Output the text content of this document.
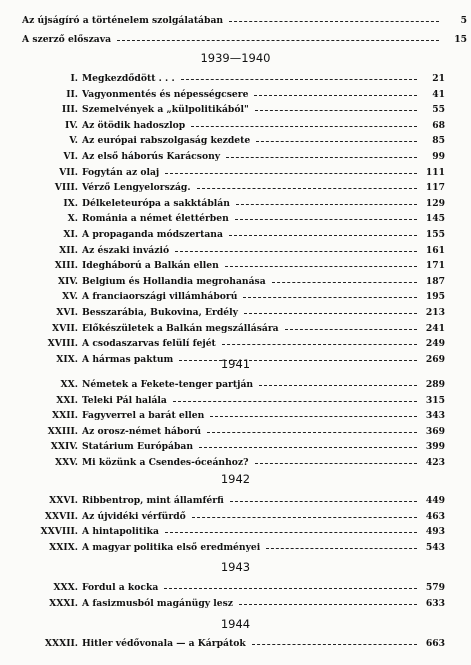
Az újságíró a történelem szolgálatában	5
A szerző előszava	15
1939—1940
I. Megkezdődött . . .	21
II. Vagyonmentés és népességcsere	41
III. Szemelvények a „külpolitikából"	55
IV. Az ötödik hadoszlop	68
V. Az európai rabszolgaság kezdete	85
VI. Az első háborús Karácsony	99
VII. Fogytán az olaj	111
VIII. Vérző Lengyelország.	117
IX. Délkeleteurópa a sakktáblán	129
X. Románia a német élettérben	145
XI. A propaganda módszertana	155
XII. Az északi invázió	161
XIII. Idegháború a Balkán ellen	171
XIV. Belgium és Hollandia megrohanása	187
XV. A franciaországi villámháború	195
XVI. Besszarábia, Bukovina, Erdély	213
XVII. Előkészületek a Balkán megszállására	241
XVIII. A csodaszarvas felülí fejét	249
XIX. A hármas paktum	269
1941
XX. Németek a Fekete-tenger partján	289
XXI. Teleki Pál halála	315
XXII. Fagyverrel a barát ellen	343
XXIII. Az orosz-német háború	369
XXIV. Statárium Európában	399
XXV. Mi közünk a Csendes-óceánhoz?	423
1942
XXVI. Ribbentrop, mint államférfi	449
XXVII. Az újvidéki vérfürdő	463
XXVIII. A hintapolitika	493
XXIX. A magyar politika első eredményei	543
1943
XXX. Fordul a kocka	579
XXXI. A fasizmusból magánügy lesz	633
1944
XXXII. Hitler védővonala — a Kárpátok	663
